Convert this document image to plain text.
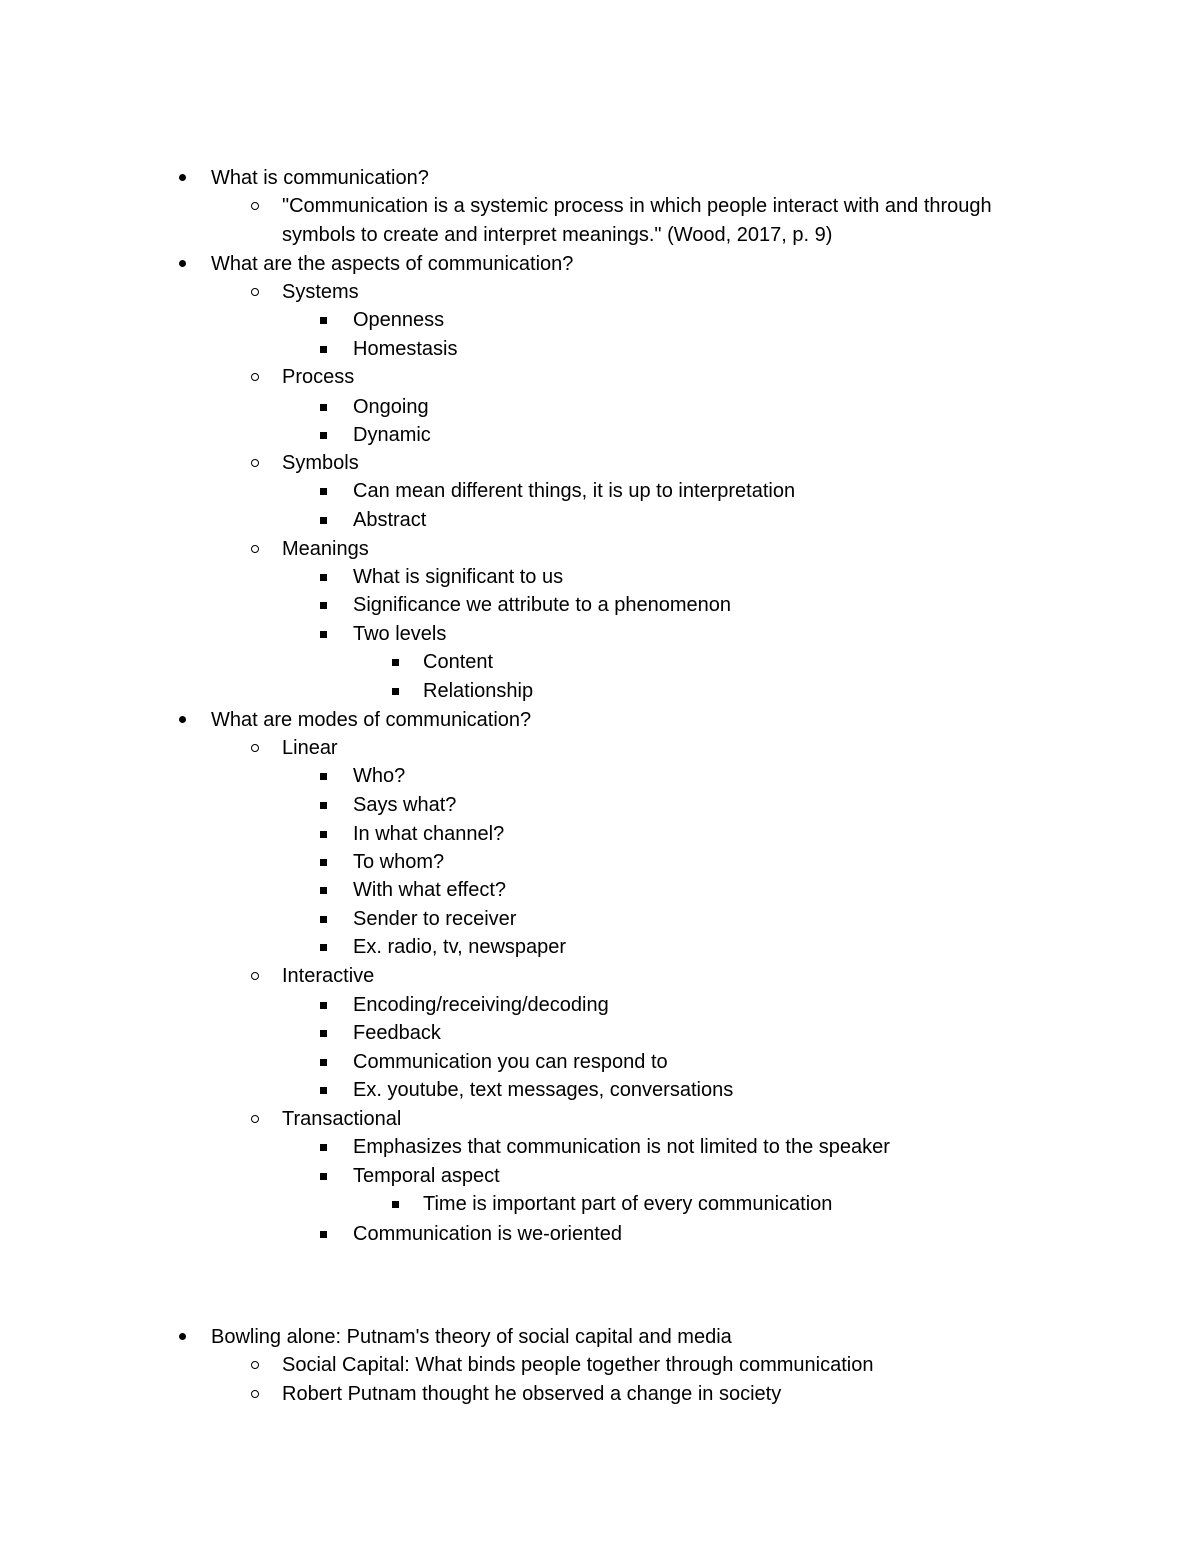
What is communication?
"Communication is a systemic process in which people interact with and through
symbols to create and interpret meanings." (Wood, 2017, p. 9)
What are the aspects of communication?
Systems
Openness
Homestasis
Process
Ongoing
Dynamic
Symbols
Can mean different things, it is up to interpretation
Abstract
Meanings
What is significant to us
Significance we attribute to a phenomenon
Two levels
Content
Relationship
What are modes of communication?
Linear
Who?
Says what?
In what channel?
To whom?
With what effect?
Sender to receiver
Ex. radio, tv, newspaper
Interactive
Encoding/receiving/decoding
Feedback
Communication you can respond to
Ex. youtube, text messages, conversations
Transactional
Emphasizes that communication is not limited to the speaker
Temporal aspect
Time is important part of every communication
Communication is we-oriented
Bowling alone: Putnam's theory of social capital and media
Social Capital: What binds people together through communication
Robert Putnam thought he observed a change in society
